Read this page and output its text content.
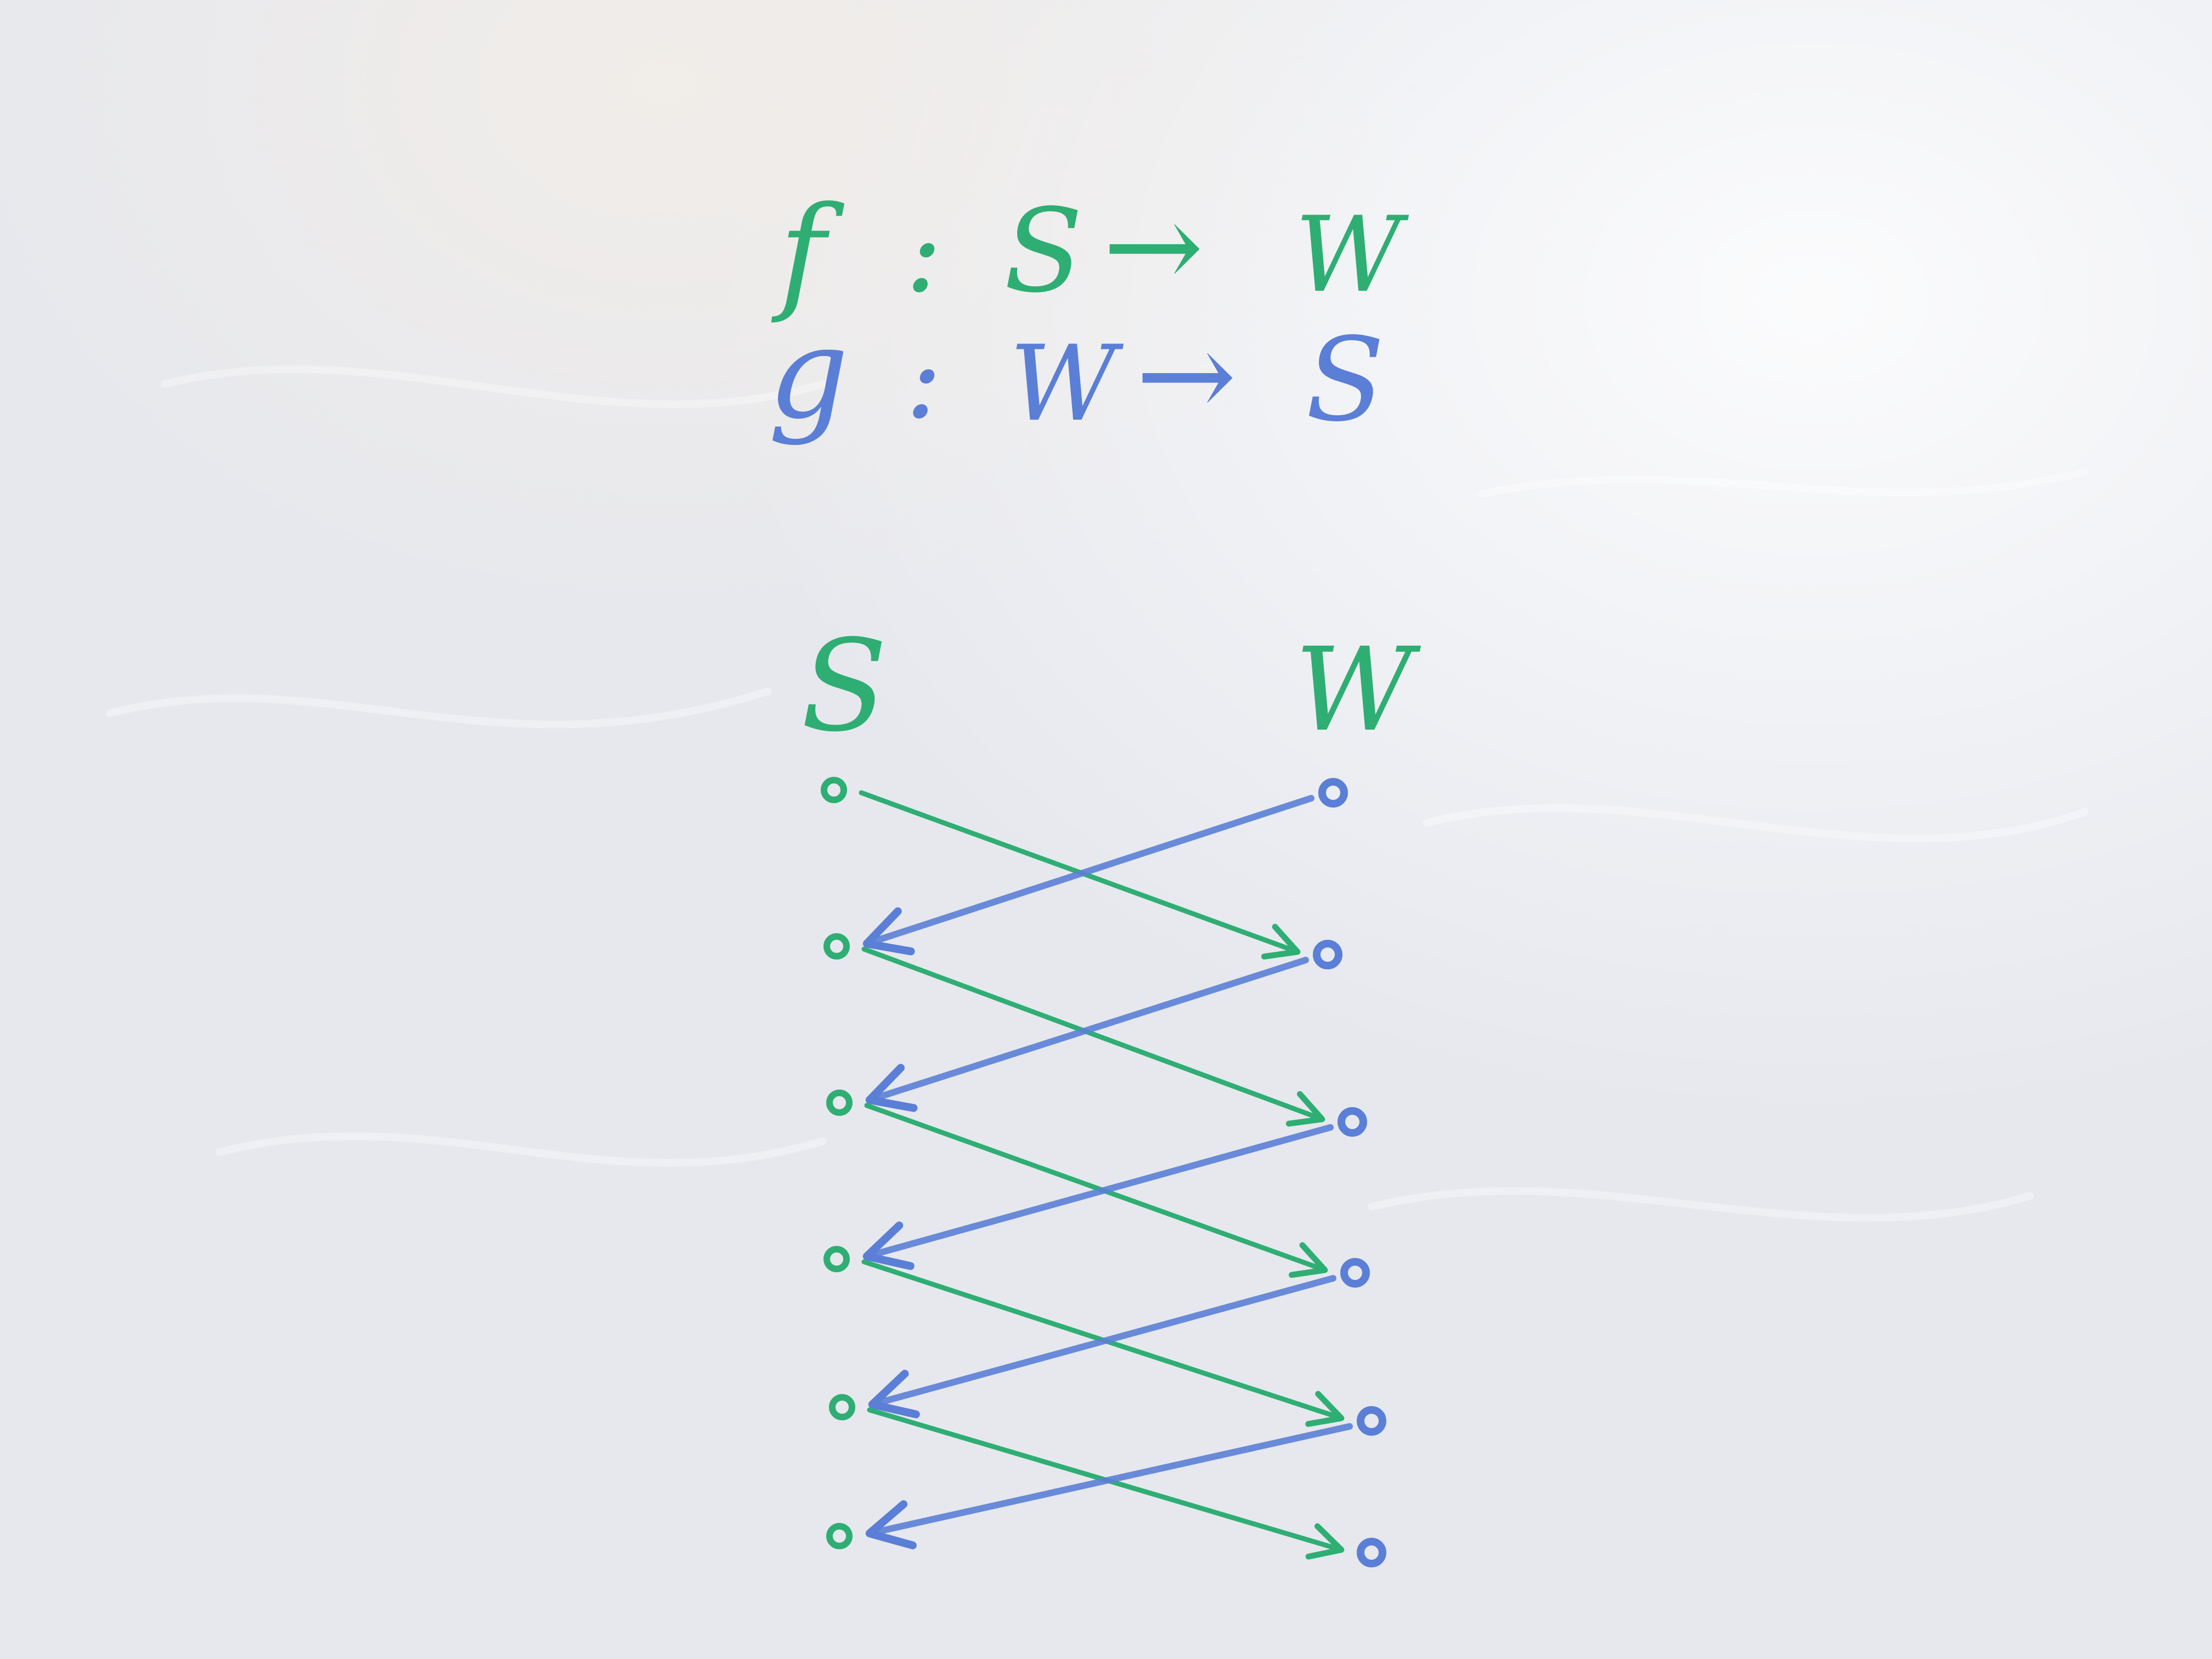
f : S → W
g : W → S
S	W
